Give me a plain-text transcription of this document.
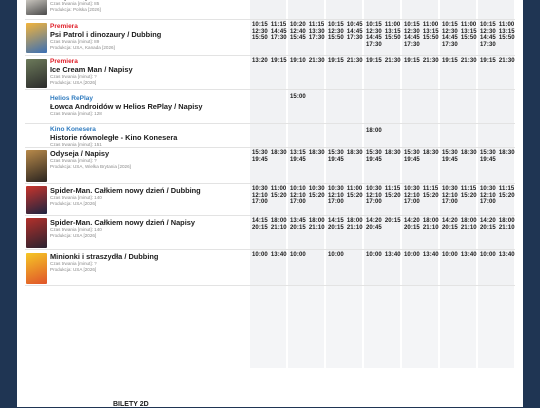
Czas trwania [minut]: 85
Produkcja: Polska [2026]
Premiera
Psi Patrol i dinozaury / Dubbing
Czas trwania [minut]: 89
Produkcja: USA, Kanada [2026]
10:15 11:15
12:30 14:45
15:50 17:30
10:20 11:15
12:40 13:30
15:45 17:30
10:15 10:45
12:30 14:45
15:50 17:30
10:15 11:00
12:30 13:15
14:45 15:50
17:30
10:15 11:00
12:30 13:15
14:45 15:50
17:30
10:15 11:00
12:30 13:15
14:45 15:50
17:30
10:15 11:00
12:30 13:15
14:45 15:50
17:30
Premiera
Ice Cream Man / Napisy
Czas trwania [minut]: ?
Produkcja: USA [2026]
13:20 19:15 19:10 21:30 19:15 21:30 19:15 21:30 19:15 21:30 19:15 21:30 19:15 21:30
Helios RePlay
Łowca Androidów w Helios RePlay / Napisy
Czas trwania [minut]: 128
15:00
Kino Konesera
Historie równoległe - Kino Konesera
Czas trwania [minut]: 151
18:00
Odyseja / Napisy
Czas trwania [minut]: ?
Produkcja: USA, Wielka Brytania [2026]
15:30 18:30
19:45
13:15 18:30
19:45
15:30 18:30
19:45
15:30 18:30
19:45
15:30 18:30
19:45
15:30 18:30
19:45
15:30 18:30
19:45
Spider-Man. Całkiem nowy dzień / Dubbing
Czas trwania [minut]: 140
Produkcja: USA [2026]
10:30 11:00
12:10 15:20
17:00
10:10 10:30
12:10 15:20
17:00
10:30 11:00
12:10 15:20
17:00
10:30 11:15
12:10 15:20
17:00
10:30 11:15
12:10 15:20
17:00
10:30 11:15
12:10 15:20
17:00
10:30 11:15
12:10 15:20
17:00
Spider-Man. Całkiem nowy dzień / Napisy
Czas trwania [minut]: 140
Produkcja: USA [2026]
14:15 18:00
20:15 21:10
13:45 18:00
20:15 21:10
14:15 18:00
20:15 21:10
14:20 20:15
20:45
14:20 18:00
20:15 21:10
14:20 18:00
20:15 21:10
14:20 18:00
20:15 21:10
Minionki i straszydła / Dubbing
Czas trwania [minut]: ?
Produkcja: USA [2026]
10:00 13:40 10:00	10:00	10:00 13:40 10:00 13:40 10:00 13:40 10:00 13:40
BILETY 2D
